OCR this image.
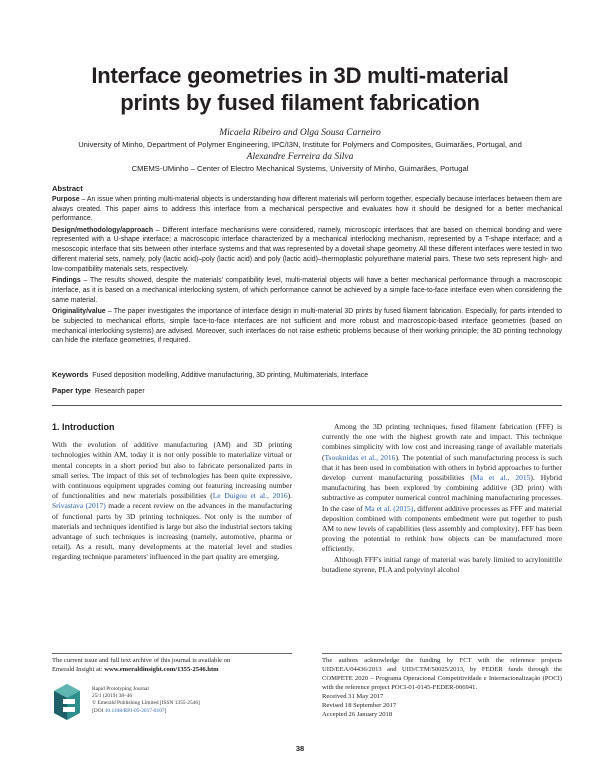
Interface geometries in 3D multi-material
prints by fused filament fabrication
Micaela Ribeiro and Olga Sousa Carneiro
University of Minho, Department of Polymer Engineering, IPC/I3N, Institute for Polymers and Composites, Guimarães, Portugal, and
Alexandre Ferreira da Silva
CMEMS-UMinho – Center of Electro Mechanical Systems, University of Minho, Guimarães, Portugal
Abstract

Purpose – An issue when printing multi-material objects is understanding how different materials will perform together, especially because interfaces between them are always created. This paper aims to address this interface from a mechanical perspective and evaluates how it should be designed for a better mechanical performance.

Design/methodology/approach – Different interface mechanisms were considered, namely, microscopic interfaces that are based on chemical bonding and were represented with a U-shape interface; a macroscopic interface characterized by a mechanical interlocking mechanism, represented by a T-shape interface; and a mesoscopic interface that sits between other interface systems and that was represented by a dovetail shape geometry. All these different interfaces were tested in two different material sets, namely, poly (lactic acid)–poly (lactic acid) and poly (lactic acid)–thermoplastic polyurethane material pairs. These two sets represent high- and low-compatibility materials sets, respectively.

Findings – The results showed, despite the materials’ compatibility level, multi-material objects will have a better mechanical performance through a macroscopic interface, as it is based on a mechanical interlocking system, of which performance cannot be achieved by a simple face-to-face interface even when considering the same material.

Originality/value – The paper investigates the importance of interface design in multi-material 3D prints by fused filament fabrication. Especially, for parts intended to be subjected to mechanical efforts, simple face-to-face interfaces are not sufficient and more robust and macroscopic-based interface geometries (based on mechanical interlocking systems) are advised. Moreover, such interfaces do not raise esthetic problems because of their working principle; the 3D printing technology can hide the interface geometries, if required.

Keywords Fused deposition modelling, Additive manufacturing, 3D printing, Multimaterials, Interface
Paper type Research paper
1. Introduction

With the evolution of additive manufacturing (AM) and 3D printing technologies within AM, today it is not only possible to materialize virtual or mental concepts in a short period but also to fabricate personalized parts in small series. The impact of this set of technologies has been quite expressive, with continuous equipment upgrades coming out featuring increasing number of functionalities and new materials possibilities (Le Duigou et al., 2016). Srivastava (2017) made a recent review on the advances in the manufacturing of functional parts by 3D printing techniques. Not only is the number of materials and techniques identified is large but also the industrial sectors taking advantage of such techniques is increasing (namely, automotive, pharma or retail). As a result, many developments at the material level and studies regarding technique parameters' influenced in the part quality are emerging.

Among the 3D printing techniques, fused filament fabrication (FFF) is currently the one with the highest growth rate and impact. This technique combines simplicity with low cost and increasing range of available materials (Tsouknidas et al., 2016). The potential of such manufacturing process is such that it has been used in combination with others in hybrid approaches to further develop current manufacturing possibilities (Ma et al., 2015). Hybrid manufacturing has been explored by combining additive (3D print) with subtractive as computer numerical control machining manufacturing processes. In the case of Ma et al. (2015), different additive processes as FFF and material deposition combined with components embedment were put together to push AM to new levels of capabilities (less assembly and complexity). FFF has been proving the potential to rethink how objects can be manufactured more efficiently.

Although FFF's initial range of material was barely limited to acrylonitrile butadiene styrene, PLA and polyvinyl alcohol

The current issue and full text archive of this journal is available on
Emerald Insight at: www.emeraldinsight.com/1355-2546.htm
Rapid Prototyping Journal
25/1 (2019) 38–46
© Emerald Publishing Limited [ISSN 1355-2546]
[DOI 10.1108/RPJ-05-2017-0107]
The authors acknowledge the funding by FCT with the reference projects UID/EEA/04436/2013 and UID/CTM/50025/2013, by FEDER funds through the COMPETE 2020 – Programa Operacional Competitividade e Internacionalização (POCI) with the reference project POCI-01-0145-FEDER-006941.
Received 31 May 2017
Revised 18 September 2017
Accepted 26 January 2018
38
